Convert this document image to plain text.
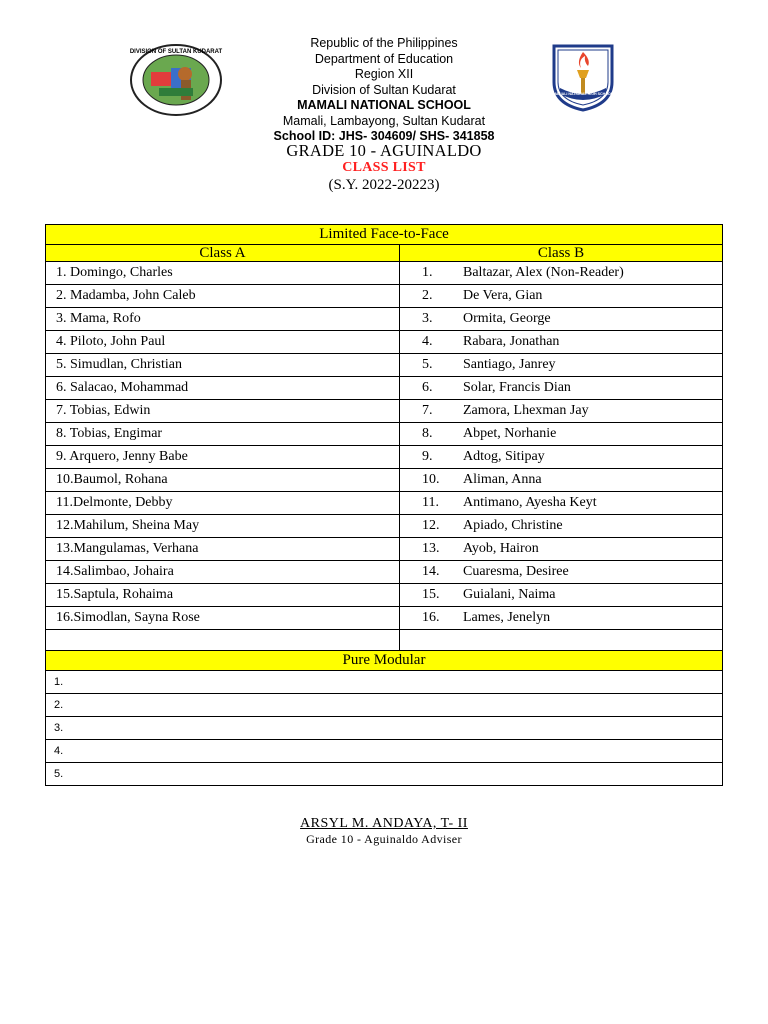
DIVISION OF SULTAN KUDARAT
MAMALI NATIONAL HIGH SCHOOL
Republic of the Philippines
Department of Education
Region XII
Division of Sultan Kudarat
MAMALI NATIONAL SCHOOL
Mamali, Lambayong, Sultan Kudarat
School ID: JHS- 304609/ SHS- 341858
GRADE 10 - AGUINALDO
CLASS LIST
(S.Y. 2022-20223)
Limited Face-to-Face	
Class A	Class B
1. Domingo, Charles	1. Baltazar, Alex (Non-Reader)
2. Madamba, John Caleb	2. De Vera, Gian
3. Mama, Rofo	3. Ormita, George
4. Piloto, John Paul	4. Rabara, Jonathan
5. Simudlan, Christian	5. Santiago, Janrey
6. Salacao, Mohammad	6. Solar, Francis Dian
7. Tobias, Edwin	7. Zamora, Lhexman Jay
8. Tobias, Engimar	8. Abpet, Norhanie
9. Arquero, Jenny Babe	9. Adtog, Sitipay
10.Baumol, Rohana	10. Aliman, Anna
11.Delmonte, Debby	11. Antimano, Ayesha Keyt
12.Mahilum, Sheina May	12. Apiado, Christine
13.Mangulamas, Verhana	13. Ayob, Hairon
14.Salimbao, Johaira	14. Cuaresma, Desiree
15.Saptula, Rohaima	15. Guialani, Naima
16.Simodlan, Sayna Rose	16. Lames, Jenelyn

Pure Modular	
1.	
2.	
3.	
4.	
5.	
ARSYL M. ANDAYA, T- II
Grade 10 - Aguinaldo Adviser
